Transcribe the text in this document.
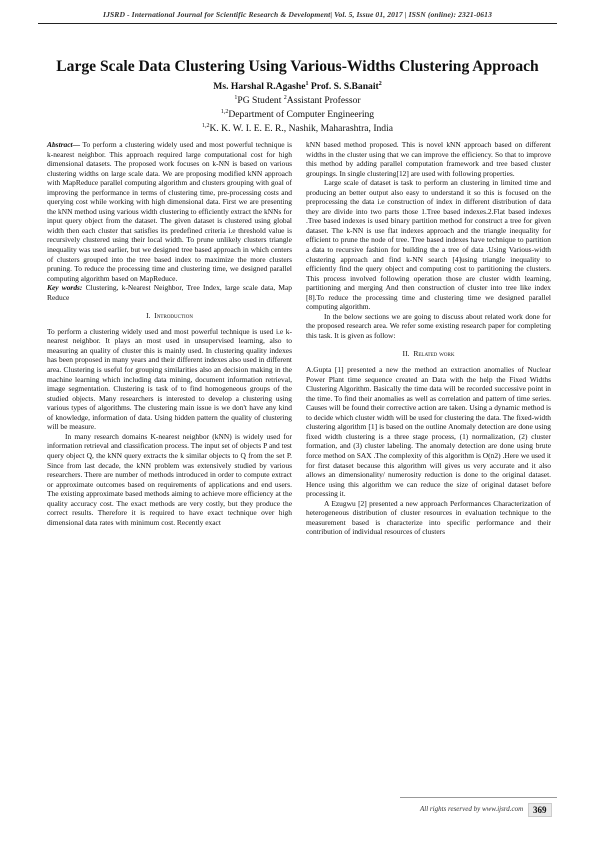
IJSRD - International Journal for Scientific Research & Development| Vol. 5, Issue 01, 2017 | ISSN (online): 2321-0613
Large Scale Data Clustering Using Various-Widths Clustering Approach
Ms. Harshal R.Agashe$^1$ Prof. S. S.Banait$^2$
$^1$PG Student $^2$Assistant Professor
$^{1,2}$Department of Computer Engineering
$^{1,2}$K. K. W. I. E. E. R., Nashik, Maharashtra, India

Abstract— To perform a clustering widely used and most powerful technique is k-nearest neighbor. This approach required large computational cost for high dimensional datasets. The proposed work focuses on k-NN is based on various clustering widths on large scale data. We are proposing modified kNN approach with MapReduce parallel computing algorithm and clusters grouping with goal of improving the performance in terms of clustering time, pre-processing costs and querying cost while working with high dimensional data. First we are presenting the kNN method using various width clustering to efficiently extract the kNNs for input query object from the dataset. The given dataset is clustered using global width then each cluster that satisfies its predefined criteria i.e threshold value is recursively clustered using their local width. To prune unlikely clusters triangle inequality was used earlier, but we designed tree based approach in which centers of clusters grouped into the tree based index to maximize the more clusters pruning. To reduce the processing time and clustering time, we designed parallel computing algorithm based on MapReduce.

Key words: Clustering, k-Nearest Neighbor, Tree Index, large scale data, Map Reduce

I. Introduction

To perform a clustering widely used and most powerful technique is used i.e k-nearest neighbor. It plays an most used in unsupervised learning, also to measuring an quality of cluster this is mainly used. In clustering quality indexes has been proposed in many years and their different indexes also used in different area. Clustering is useful for grouping similarities also an decision making in the machine learning which including data mining, document information retrieval, image segmentation. Clustering is task of to find homogeneous groups of the studied objects. Many researchers is interested to develop a clustering using various types of algorithms. The clustering main issue is we don't have any kind of knowledge, information of data. Using hidden pattern the quality of clustering will be measure.

In many research domains K-nearest neighbor (kNN) is widely used for information retrieval and classification process. The input set of objects P and test query object Q, the kNN query extracts the k similar objects to Q from the set P. Since from last decade, the kNN problem was extensively studied by various researchers. There are number of methods introduced in order to compute extract or approximate outcomes based on requirements of applications and end users. The existing approximate based methods aiming to achieve more efficiency at the quality accuracy cost. The exact methods are very costly, but they produce the correct results. Therefore it is required to have exact technique over high dimensional data rates with minimum cost. Recently exact

kNN based method proposed. This is novel kNN approach based on different widths in the cluster using that we can improve the efficiency. So that to improve this method by adding parallel computation framework and tree based cluster groupings. In single clustering[12] are used with following properties.

Large scale of dataset is task to perform an clustering in limited time and producing an better output also easy to understand it so this is focused on the preprocessing the data i.e construction of index in different distribution of data they are divide into two parts those 1.Tree based indexes.2.Flat based indexes .Tree based indexes is used binary partition method for construct a tree for given dataset. The k-NN is use flat indexes approach and the triangle inequality for efficient to prune the node of tree. Tree based indexes have technique to partition a data to recursive fashion for building the a tree of data .Using Various-width clustering approach and find k-NN search [4]using triangle inequality to efficiently find the query object and computing cost to partitioning the clusters. This process involved following operation those are cluster width learning, partitioning and merging And then construction of cluster into tree like index [8].To reduce the processing time and clustering time we designed parallel computing algorithm.

In the below sections we are going to discuss about related work done for the proposed research area. We refer some existing research paper for completing this task. It is given as follow:

II. Related work

A.Gupta [1] presented a new the method an extraction anomalies of Nuclear Power Plant time sequence created an Data with the help the Fixed Widths Clustering Algorithm. Basically the time data will be recorded successive point in the time. To find their anomalies as well as correlation and pattern of time series. Causes will be found their corrective action are taken. Using a dynamic method is to decide which cluster width will be used for clustering the data. The fixed-width clustering algorithm [1] is based on the outline Anomaly detection are done using fixed width clustering is a three stage process, (1) normalization, (2) cluster formation, and (3) cluster labeling. The anomaly detection are done using brute force method on SAX .The complexity of this algorithm is O(n2) .Here we used it for first dataset because this algorithm will gives us very accurate and it also allows an dimensionality/ numerosity reduction is done to the original dataset. Hence using this algorithm we can reduce the size of original dataset before processing it.

A Ezugwu [2] presented a new approach Performances Characterization of heterogeneous distribution of cluster resources in evaluation technique to the measurement based is characterize into specific performance and their contribution of individual resources of clusters

All rights reserved by www.ijsrd.com	369
